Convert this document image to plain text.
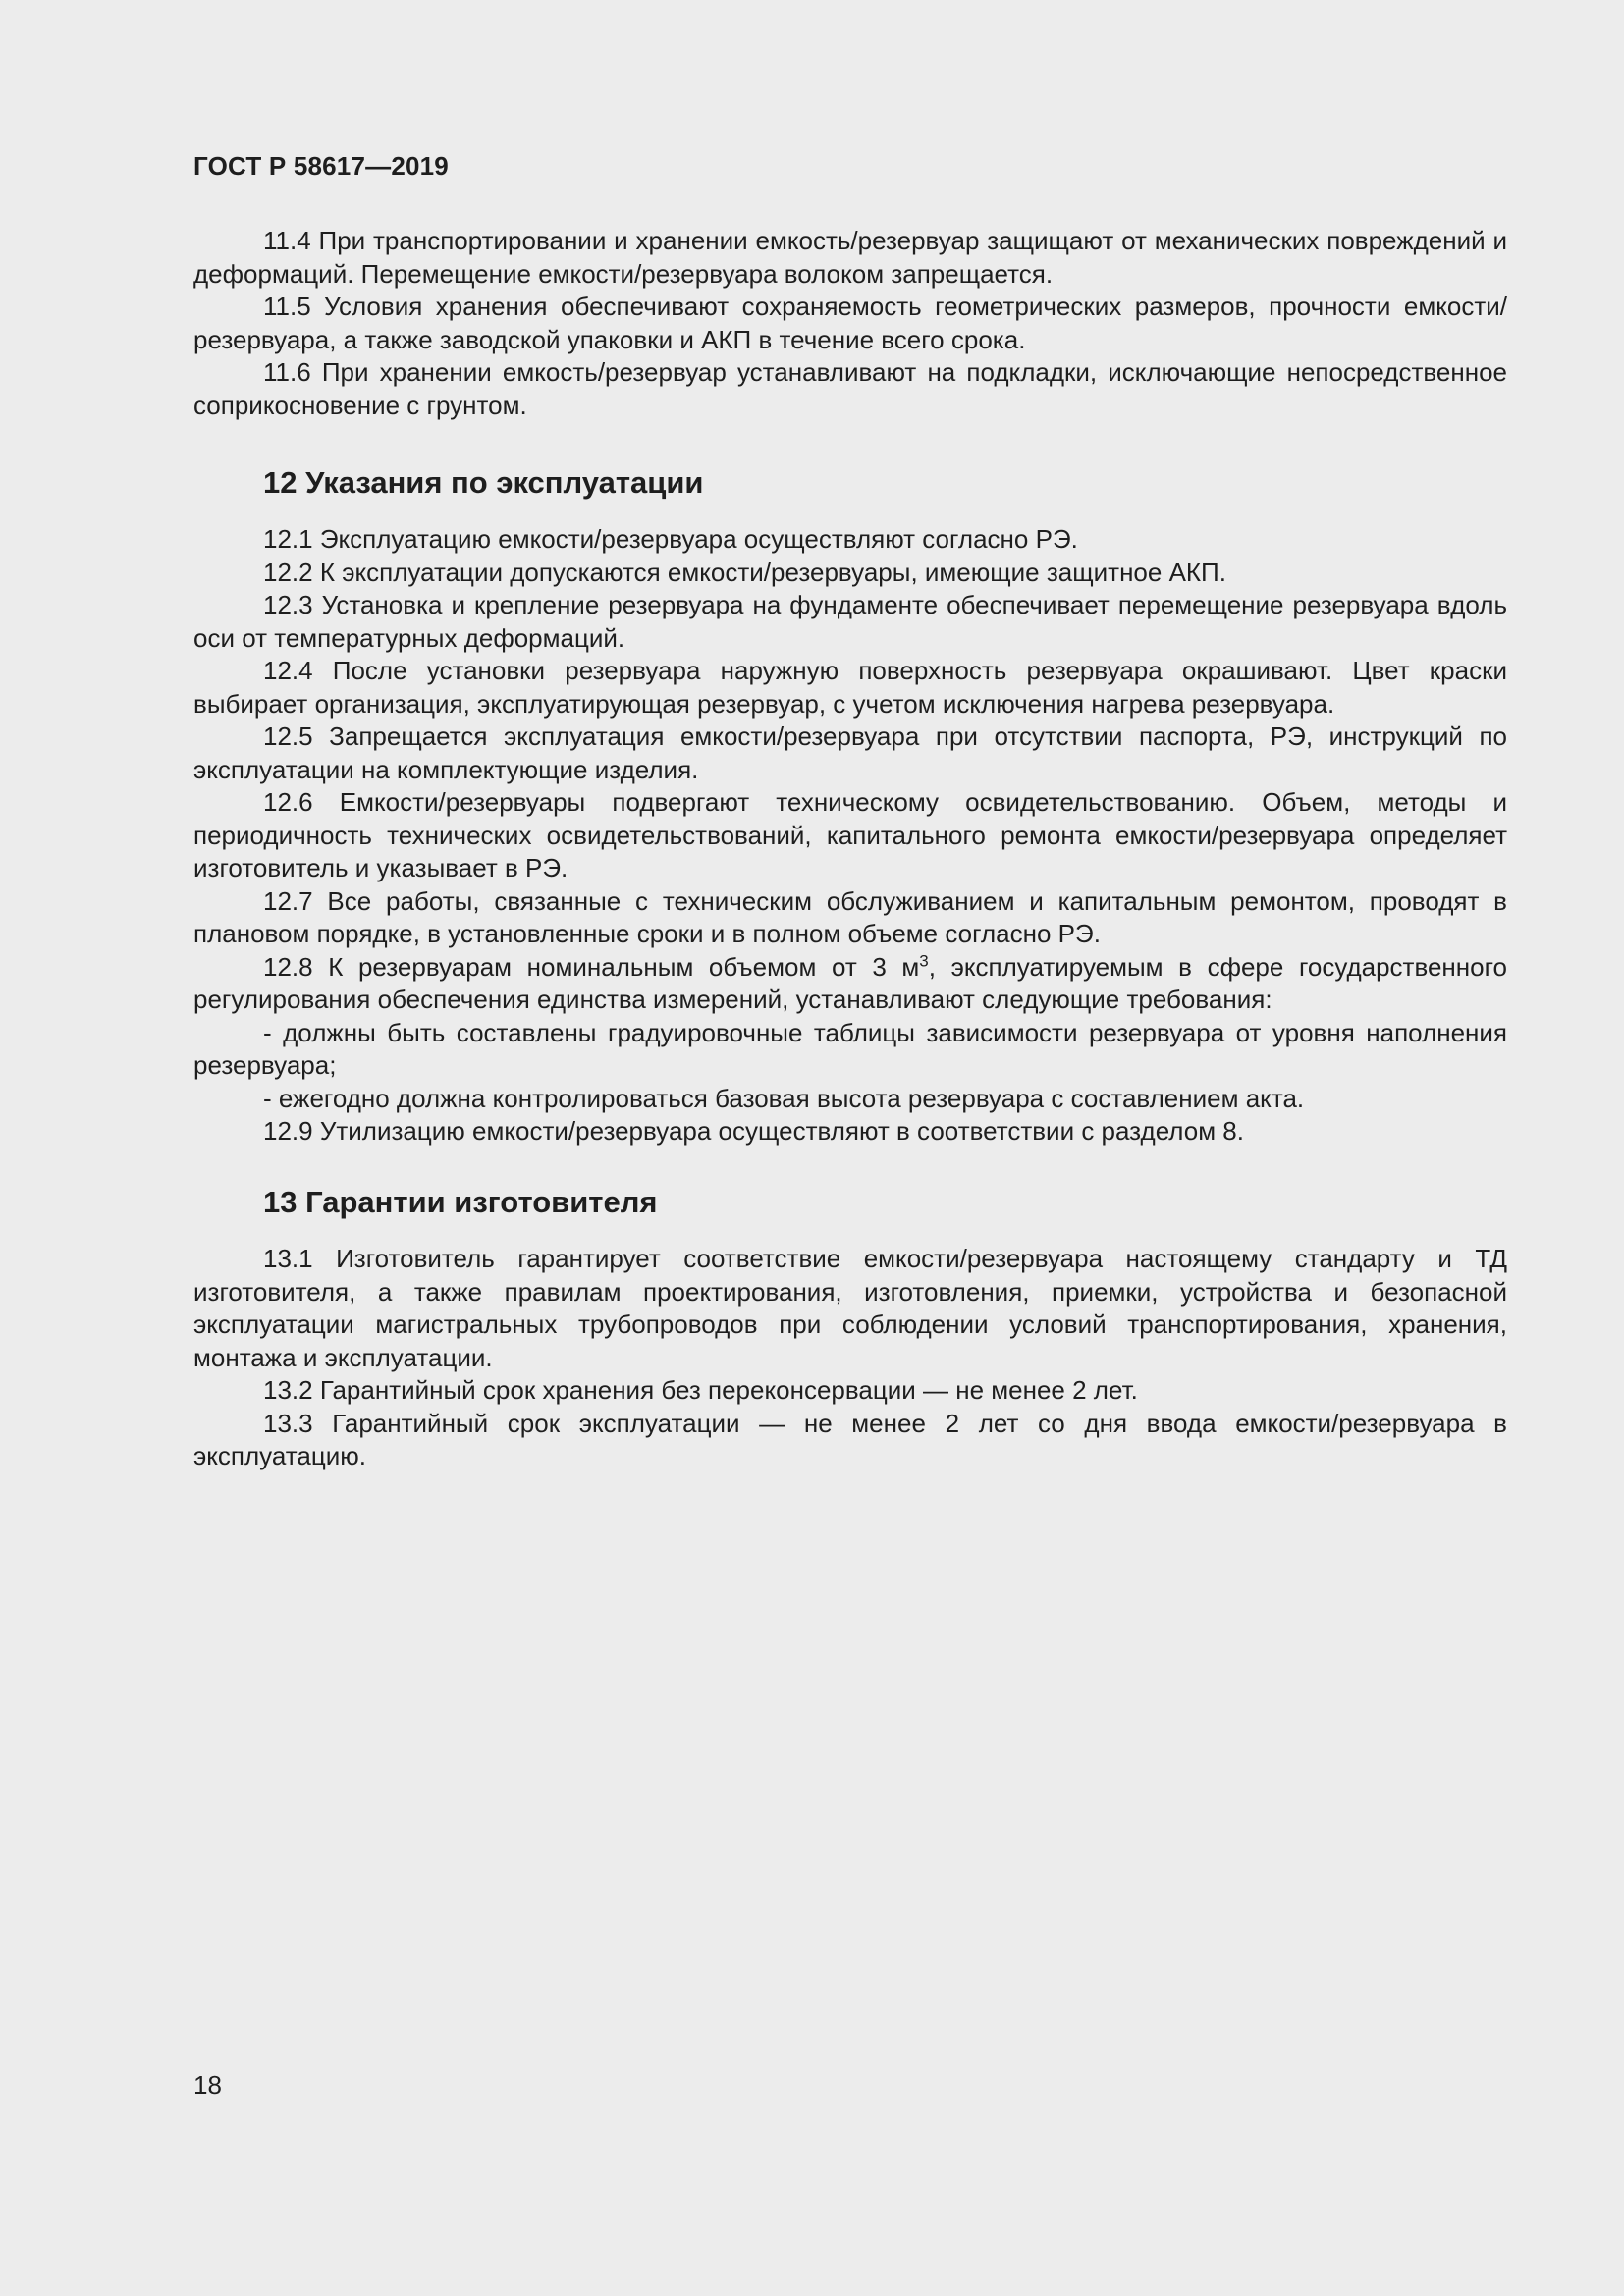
ГОСТ Р 58617—2019

11.4 При транспортировании и хранении емкость/резервуар защищают от механических повреждений и деформаций. Перемещение емкости/резервуара волоком запрещается.

11.5 Условия хранения обеспечивают сохраняемость геометрических размеров, прочности емкости/резервуара, а также заводской упаковки и АКП в течение всего срока.

11.6 При хранении емкость/резервуар устанавливают на подкладки, исключающие непосредственное соприкосновение с грунтом.

12 Указания по эксплуатации

12.1 Эксплуатацию емкости/резервуара осуществляют согласно РЭ.

12.2 К эксплуатации допускаются емкости/резервуары, имеющие защитное АКП.

12.3 Установка и крепление резервуара на фундаменте обеспечивает перемещение резервуара вдоль оси от температурных деформаций.

12.4 После установки резервуара наружную поверхность резервуара окрашивают. Цвет краски выбирает организация, эксплуатирующая резервуар, с учетом исключения нагрева резервуара.

12.5 Запрещается эксплуатация емкости/резервуара при отсутствии паспорта, РЭ, инструкций по эксплуатации на комплектующие изделия.

12.6 Емкости/резервуары подвергают техническому освидетельствованию. Объем, методы и периодичность технических освидетельствований, капитального ремонта емкости/резервуара определяет изготовитель и указывает в РЭ.

12.7 Все работы, связанные с техническим обслуживанием и капитальным ремонтом, проводят в плановом порядке, в установленные сроки и в полном объеме согласно РЭ.

12.8 К резервуарам номинальным объемом от 3 $м^3$, эксплуатируемым в сфере государственного регулирования обеспечения единства измерений, устанавливают следующие требования:

- должны быть составлены градуировочные таблицы зависимости резервуара от уровня наполнения резервуара;

- ежегодно должна контролироваться базовая высота резервуара с составлением акта.

12.9 Утилизацию емкости/резервуара осуществляют в соответствии с разделом 8.

13 Гарантии изготовителя

13.1 Изготовитель гарантирует соответствие емкости/резервуара настоящему стандарту и ТД изготовителя, а также правилам проектирования, изготовления, приемки, устройства и безопасной эксплуатации магистральных трубопроводов при соблюдении условий транспортирования, хранения, монтажа и эксплуатации.

13.2 Гарантийный срок хранения без переконсервации — не менее 2 лет.

13.3 Гарантийный срок эксплуатации — не менее 2 лет со дня ввода емкости/резервуара в эксплуатацию.

18
